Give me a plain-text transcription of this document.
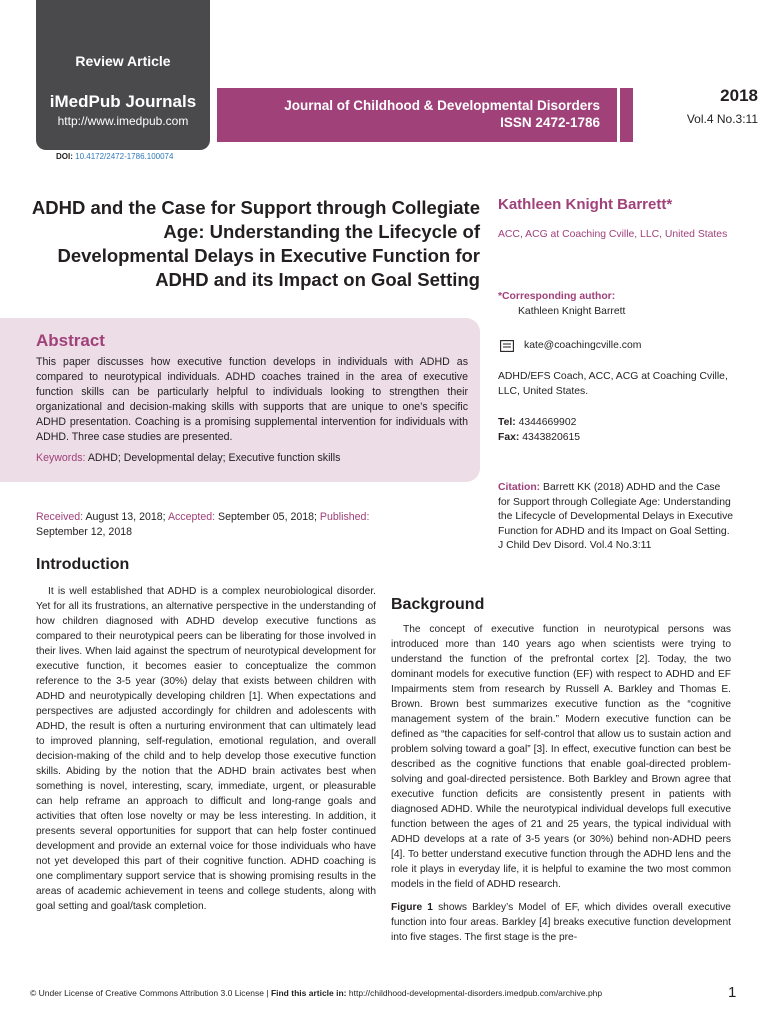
Review Article
iMedPub Journals
http://www.imedpub.com
Journal of Childhood & Developmental Disorders
ISSN 2472-1786
2018
Vol.4 No.3:11
DOI: 10.4172/2472-1786.100074
ADHD and the Case for Support through Collegiate Age: Understanding the Lifecycle of Developmental Delays in Executive Function for ADHD and its Impact on Goal Setting
Abstract

This paper discusses how executive function develops in individuals with ADHD as compared to neurotypical individuals. ADHD coaches trained in the area of executive function skills can be particularly helpful to individuals looking to strengthen their organizational and decision-making skills with supports that are unique to one’s specific ADHD presentation. Coaching is a promising supplemental intervention for individuals with ADHD. Three case studies are presented.

Keywords: ADHD; Developmental delay; Executive function skills
Received: August 13, 2018; Accepted: September 05, 2018; Published: September 12, 2018
Introduction

It is well established that ADHD is a complex neurobiological disorder. Yet for all its frustrations, an alternative perspective in the understanding of how children diagnosed with ADHD develop executive functions as compared to their neurotypical peers can be liberating for those involved in their lives. When laid against the spectrum of neurotypical development for executive function, it becomes easier to conceptualize the common reference to the 3-5 year (30%) delay that exists between children with ADHD and neurotypically developing children [1]. When expectations and perspectives are adjusted accordingly for children and adolescents with ADHD, the result is often a nurturing environment that can ultimately lead to improved planning, self-regulation, emotional regulation, and overall decision-making of the child and to help develop those executive function skills. Abiding by the notion that the ADHD brain activates best when something is novel, interesting, scary, immediate, urgent, or pleasurable can help reframe an approach to difficult and long-range goals and activities that often lose novelty or may be less interesting. In addition, it presents several opportunities for support that can help foster continued development and provide an external voice for those individuals who have not yet developed this part of their cognitive function. ADHD coaching is one complimentary support service that is showing promising results in the areas of academic achievement in teens and college students, along with goal setting and goal/task completion.

Kathleen Knight Barrett*
ACC, ACG at Coaching Cville, LLC, United States
*Corresponding author:
Kathleen Knight Barrett
kate@coachingcville.com
ADHD/EFS Coach, ACC, ACG at Coaching Cville, LLC, United States.
Tel: 4344669902
Fax: 4343820615
Citation: Barrett KK (2018) ADHD and the Case for Support through Collegiate Age: Understanding the Lifecycle of Developmental Delays in Executive Function for ADHD and its Impact on Goal Setting. J Child Dev Disord. Vol.4 No.3:11
Background

The concept of executive function in neurotypical persons was introduced more than 140 years ago when scientists were trying to understand the function of the prefrontal cortex [2]. Today, the two dominant models for executive function (EF) with respect to ADHD and EF Impairments stem from research by Russell A. Barkley and Thomas E. Brown. Brown best summarizes executive function as the “cognitive management system of the brain.” Modern executive function can be defined as “the capacities for self-control that allow us to sustain action and problem solving toward a goal” [3]. In effect, executive function can best be described as the cognitive functions that enable goal-directed problem-solving and goal-directed persistence. Both Barkley and Brown agree that executive function deficits are consistently present in patients with diagnosed ADHD. While the neurotypical individual develops full executive function between the ages of 21 and 25 years, the typical individual with ADHD develops at a rate of 3-5 years (or 30%) behind non-ADHD peers [4]. To better understand executive function through the ADHD lens and the role it plays in everyday life, it is helpful to examine the two most common models in the field of ADHD research.

Figure 1 shows Barkley’s Model of EF, which divides overall executive function into four areas. Barkley [4] breaks executive function development into five stages. The first stage is the pre-

© Under License of Creative Commons Attribution 3.0 License | Find this article in: http://childhood-developmental-disorders.imedpub.com/archive.php	1
